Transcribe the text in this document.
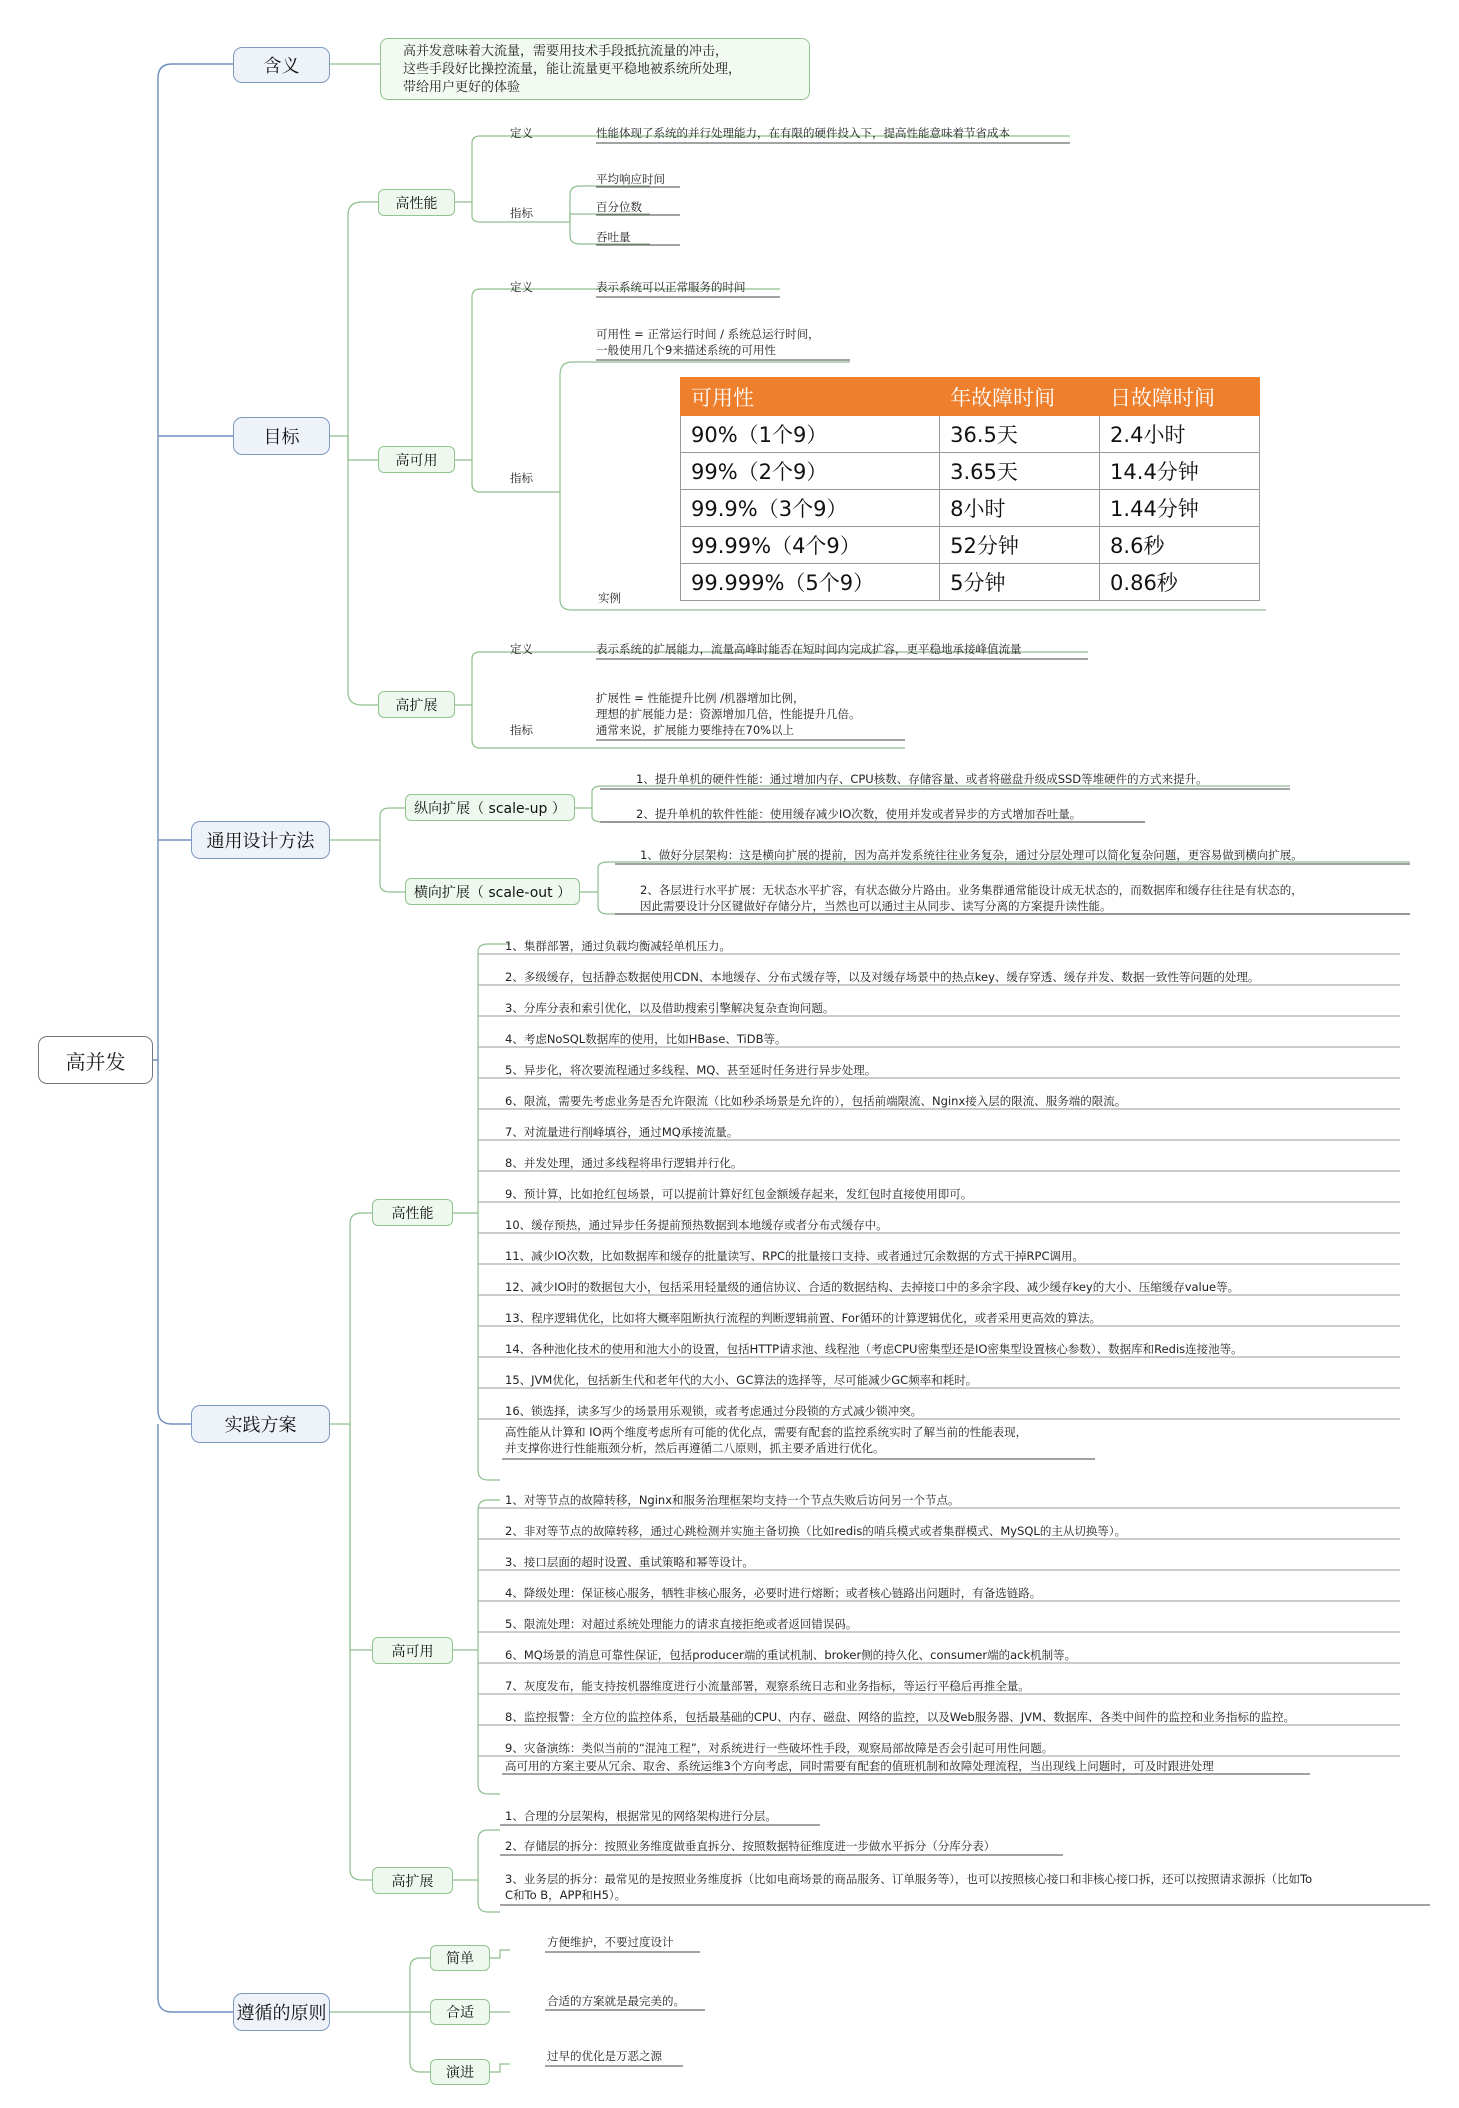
高并发
含义
高并发意味着大流量，需要用技术手段抵抗流量的冲击，
这些手段好比操控流量，能让流量更平稳地被系统所处理，
带给用户更好的体验
目标
高性能
定义	性能体现了系统的并行处理能力，在有限的硬件投入下，提高性能意味着节省成本
指标
平均响应时间
百分位数
吞吐量
高可用
定义	表示系统可以正常服务的时间
指标
可用性 = 正常运行时间 / 系统总运行时间，
一般使用几个9来描述系统的可用性
实例
可用性	年故障时间	日故障时间
90%（1个9）	36.5天	2.4小时
99%（2个9）	3.65天	14.4分钟
99.9%（3个9）	8小时	1.44分钟
99.99%（4个9）	52分钟	8.6秒
99.999%（5个9）	5分钟	0.86秒
高扩展
定义	表示系统的扩展能力，流量高峰时能否在短时间内完成扩容，更平稳地承接峰值流量
指标
扩展性 = 性能提升比例 /机器增加比例，
理想的扩展能力是：资源增加几倍，性能提升几倍。
通常来说，扩展能力要维持在70%以上
通用设计方法
纵向扩展（ scale-up ）
1、提升单机的硬件性能：通过增加内存、CPU核数、存储容量、或者将磁盘升级成SSD等堆硬件的方式来提升。
2、提升单机的软件性能：使用缓存减少IO次数，使用并发或者异步的方式增加吞吐量。
横向扩展（ scale-out ）
1、做好分层架构：这是横向扩展的提前，因为高并发系统往往业务复杂，通过分层处理可以简化复杂问题，更容易做到横向扩展。
2、各层进行水平扩展：无状态水平扩容，有状态做分片路由。业务集群通常能设计成无状态的，而数据库和缓存往往是有状态的，
因此需要设计分区键做好存储分片，当然也可以通过主从同步、读写分离的方案提升读性能。
实践方案
高性能
1、集群部署，通过负载均衡减轻单机压力。
2、多级缓存，包括静态数据使用CDN、本地缓存、分布式缓存等，以及对缓存场景中的热点key、缓存穿透、缓存并发、数据一致性等问题的处理。
3、分库分表和索引优化，以及借助搜索引擎解决复杂查询问题。
4、考虑NoSQL数据库的使用，比如HBase、TiDB等。
5、异步化，将次要流程通过多线程、MQ、甚至延时任务进行异步处理。
6、限流，需要先考虑业务是否允许限流（比如秒杀场景是允许的），包括前端限流、Nginx接入层的限流、服务端的限流。
7、对流量进行削峰填谷，通过MQ承接流量。
8、并发处理，通过多线程将串行逻辑并行化。
9、预计算，比如抢红包场景，可以提前计算好红包金额缓存起来，发红包时直接使用即可。
10、缓存预热，通过异步任务提前预热数据到本地缓存或者分布式缓存中。
11、减少IO次数，比如数据库和缓存的批量读写、RPC的批量接口支持、或者通过冗余数据的方式干掉RPC调用。
12、减少IO时的数据包大小，包括采用轻量级的通信协议、合适的数据结构、去掉接口中的多余字段、减少缓存key的大小、压缩缓存value等。
13、程序逻辑优化，比如将大概率阻断执行流程的判断逻辑前置、For循环的计算逻辑优化，或者采用更高效的算法。
14、各种池化技术的使用和池大小的设置，包括HTTP请求池、线程池（考虑CPU密集型还是IO密集型设置核心参数）、数据库和Redis连接池等。
15、JVM优化，包括新生代和老年代的大小、GC算法的选择等，尽可能减少GC频率和耗时。
16、锁选择，读多写少的场景用乐观锁，或者考虑通过分段锁的方式减少锁冲突。
高性能从计算和 IO两个维度考虑所有可能的优化点，需要有配套的监控系统实时了解当前的性能表现，
并支撑你进行性能瓶颈分析，然后再遵循二八原则，抓主要矛盾进行优化。
高可用
1、对等节点的故障转移，Nginx和服务治理框架均支持一个节点失败后访问另一个节点。
2、非对等节点的故障转移，通过心跳检测并实施主备切换（比如redis的哨兵模式或者集群模式、MySQL的主从切换等）。
3、接口层面的超时设置、重试策略和幂等设计。
4、降级处理：保证核心服务，牺牲非核心服务，必要时进行熔断；或者核心链路出问题时，有备选链路。
5、限流处理：对超过系统处理能力的请求直接拒绝或者返回错误码。
6、MQ场景的消息可靠性保证，包括producer端的重试机制、broker侧的持久化、consumer端的ack机制等。
7、灰度发布，能支持按机器维度进行小流量部署，观察系统日志和业务指标，等运行平稳后再推全量。
8、监控报警：全方位的监控体系，包括最基础的CPU、内存、磁盘、网络的监控，以及Web服务器、JVM、数据库、各类中间件的监控和业务指标的监控。
9、灾备演练：类似当前的“混沌工程”，对系统进行一些破坏性手段，观察局部故障是否会引起可用性问题。
高可用的方案主要从冗余、取舍、系统运维3个方向考虑，同时需要有配套的值班机制和故障处理流程，当出现线上问题时，可及时跟进处理
高扩展
1、合理的分层架构，根据常见的网络架构进行分层。
2、存储层的拆分：按照业务维度做垂直拆分、按照数据特征维度进一步做水平拆分（分库分表）
3、业务层的拆分：最常见的是按照业务维度拆（比如电商场景的商品服务、订单服务等），也可以按照核心接口和非核心接口拆，还可以按照请求源拆（比如To
C和To B，APP和H5）。
遵循的原则
简单
方便维护，不要过度设计
合适
合适的方案就是最完美的。
演进
过早的优化是万恶之源
